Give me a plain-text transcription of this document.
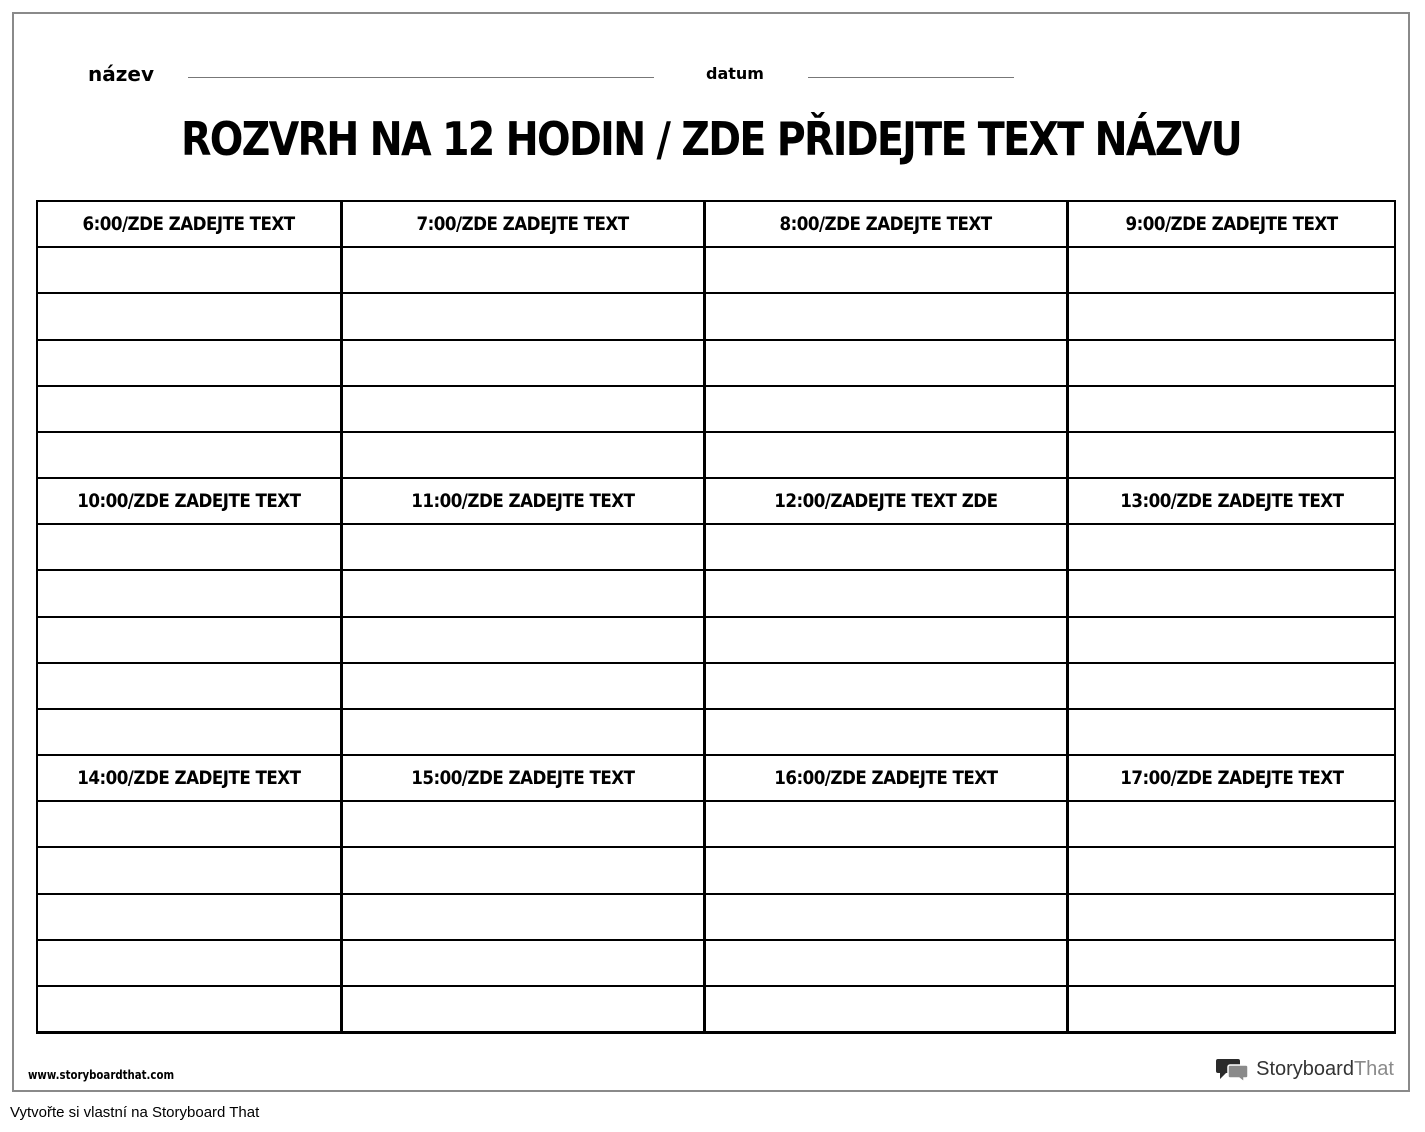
název	datum
ROZVRH NA 12 HODIN / ZDE PŘIDEJTE TEXT NÁZVU
6:00/ZDE ZADEJTE TEXT
10:00/ZDE ZADEJTE TEXT
14:00/ZDE ZADEJTE TEXT
7:00/ZDE ZADEJTE TEXT
11:00/ZDE ZADEJTE TEXT
15:00/ZDE ZADEJTE TEXT
8:00/ZDE ZADEJTE TEXT
12:00/ZADEJTE TEXT ZDE
16:00/ZDE ZADEJTE TEXT
9:00/ZDE ZADEJTE TEXT
13:00/ZDE ZADEJTE TEXT
17:00/ZDE ZADEJTE TEXT
www.storyboardthat.com	StoryboardThat
Vytvořte si vlastní na Storyboard That
